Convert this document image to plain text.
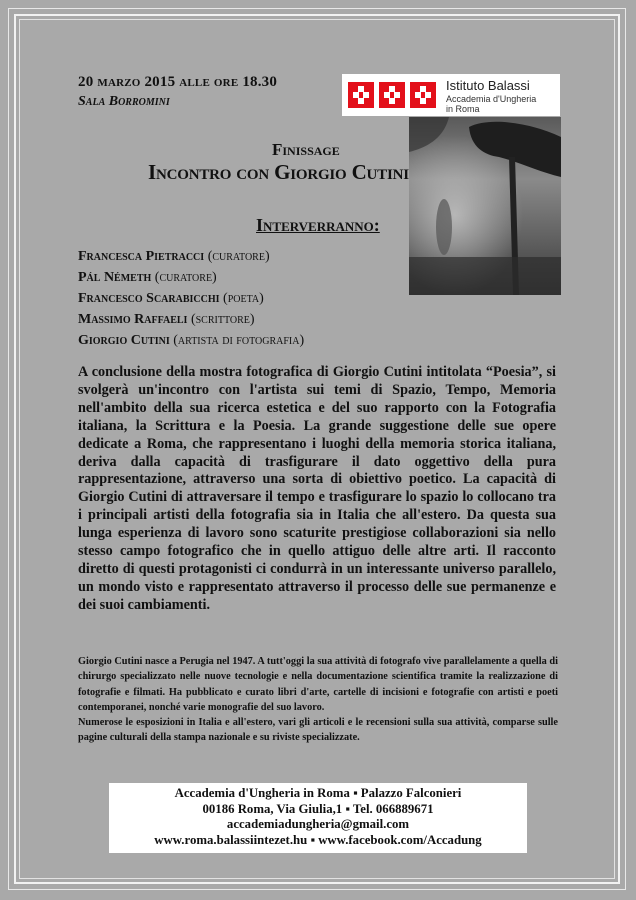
20 marzo 2015 alle ore 18.30
Sala Borromini
Istituto Balassi
Accademia d'Ungheria
in Roma
Finissage
Incontro con Giorgio Cutini
Interverranno:
Francesca Pietracci (curatore)
Pál Németh (curatore)
Francesco Scarabicchi (poeta)
Massimo Raffaeli (scrittore)
Giorgio Cutini (artista di fotografia)
A conclusione della mostra fotografica di Giorgio Cutini intitolata “Poesia”, si svolgerà un'incontro con l'artista sui temi di Spazio, Tempo, Memoria nell'ambito della sua ricerca estetica e del suo rapporto con la Fotografia italiana, la Scrittura e la Poesia. La grande suggestione delle sue opere dedicate a Roma, che rappresentano i luoghi della memoria storica italiana, deriva dalla capacità di trasfigurare il dato oggettivo della pura rappresentazione, attraverso una sorta di obiettivo poetico. La capacità di Giorgio Cutini di attraversare il tempo e trasfigurare lo spazio lo collocano tra i principali artisti della fotografia sia in Italia che all'estero. Da questa sua lunga esperienza di lavoro sono scaturite prestigiose collaborazioni sia nello stesso campo fotografico che in quello attiguo delle altre arti. Il racconto diretto di questi protagonisti ci condurrà in un interessante universo parallelo, un mondo visto e rappresentato attraverso il processo delle sue permanenze e dei suoi cambiamenti.

Giorgio Cutini nasce a Perugia nel 1947. A tutt'oggi la sua attività di fotografo vive parallelamente a quella di chirurgo specializzato nelle nuove tecnologie e nella documentazione scientifica tramite la realizzazione di fotografie e filmati. Ha pubblicato e curato libri d'arte, cartelle di incisioni e fotografie con artisti e poeti contemporanei, nonché varie monografie del suo lavoro.

Numerose le esposizioni in Italia e all'estero, vari gli articoli e le recensioni sulla sua attività, comparse sulle pagine culturali della stampa nazionale e su riviste specializzate.

Accademia d'Ungheria in Roma ▪ Palazzo Falconieri
00186 Roma, Via Giulia,1 ▪ Tel. 066889671
accademiadungheria@gmail.com
www.roma.balassiintezet.hu ▪ www.facebook.com/Accadung
